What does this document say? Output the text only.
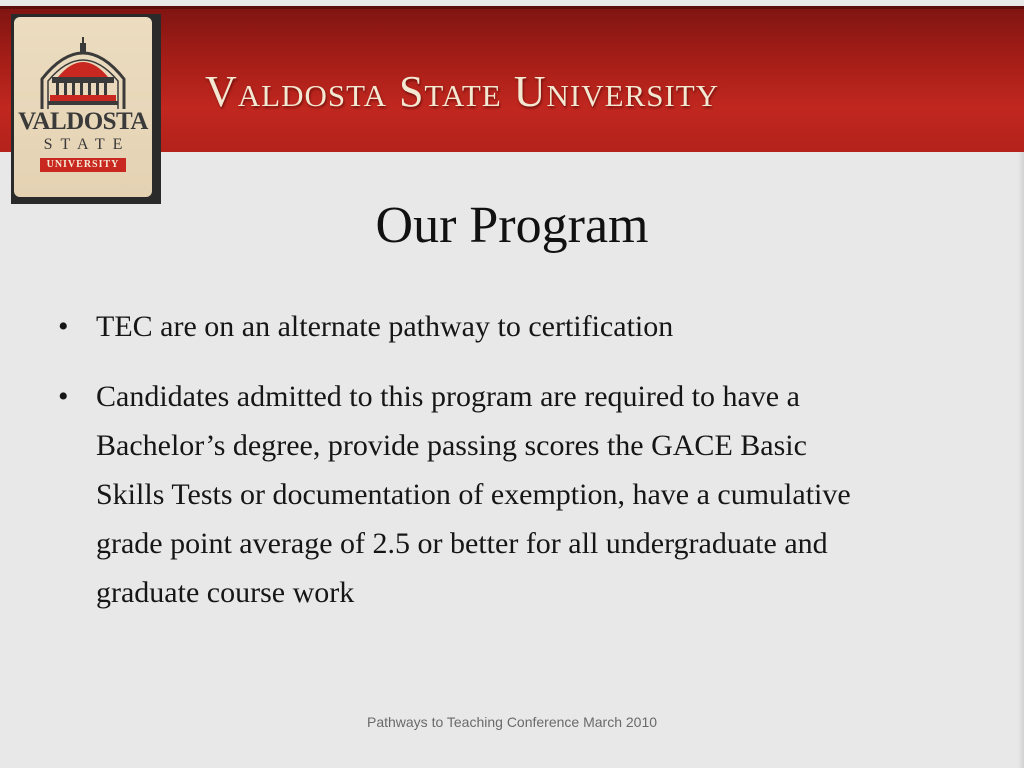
Valdosta State University
VALDOSTA
STATE
UNIVERSITY
Our Program
• TEC are on an alternate pathway to certification
• Candidates admitted to this program are required to have a Bachelor’s degree, provide passing scores the GACE Basic Skills Tests or documentation of exemption, have a cumulative grade point average of 2.5 or better for all undergraduate and graduate course work
Pathways to Teaching Conference March 2010
